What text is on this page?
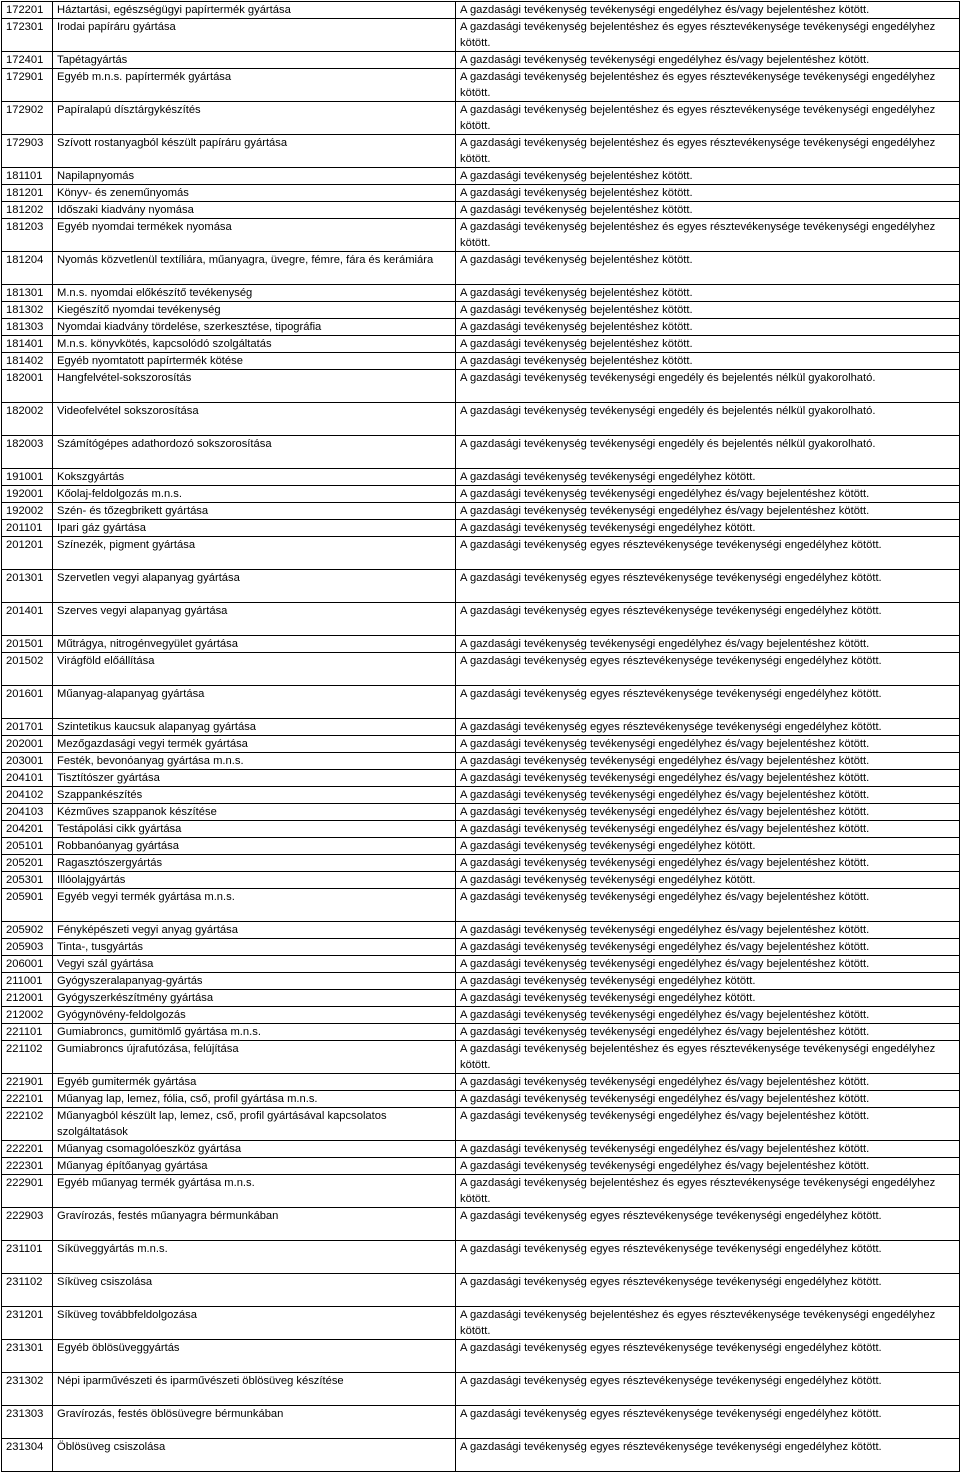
172201	Háztartási, egészségügyi papírtermék gyártása	A gazdasági tevékenység tevékenységi engedélyhez és/vagy bejelentéshez kötött.
172301	Irodai papíráru gyártása	A gazdasági tevékenység bejelentéshez és egyes résztevékenysége tevékenységi engedélyhez kötött.
172401	Tapétagyártás	A gazdasági tevékenység tevékenységi engedélyhez és/vagy bejelentéshez kötött.
172901	Egyéb m.n.s. papírtermék gyártása	A gazdasági tevékenység bejelentéshez és egyes résztevékenysége tevékenységi engedélyhez kötött.
172902	Papíralapú dísztárgykészítés	A gazdasági tevékenység bejelentéshez és egyes résztevékenysége tevékenységi engedélyhez kötött.
172903	Szívott rostanyagból készült papíráru gyártása	A gazdasági tevékenység bejelentéshez és egyes résztevékenysége tevékenységi engedélyhez kötött.
181101	Napilapnyomás	A gazdasági tevékenység bejelentéshez kötött.
181201	Könyv- és zeneműnyomás	A gazdasági tevékenység bejelentéshez kötött.
181202	Időszaki kiadvány nyomása	A gazdasági tevékenység bejelentéshez kötött.
181203	Egyéb nyomdai termékek nyomása	A gazdasági tevékenység bejelentéshez és egyes résztevékenysége tevékenységi engedélyhez kötött.
181204	Nyomás közvetlenül textíliára, műanyagra, üvegre, fémre, fára és kerámiára	A gazdasági tevékenység bejelentéshez kötött.
181301	M.n.s. nyomdai előkészítő tevékenység	A gazdasági tevékenység bejelentéshez kötött.
181302	Kiegészítő nyomdai tevékenység	A gazdasági tevékenység bejelentéshez kötött.
181303	Nyomdai kiadvány tördelése, szerkesztése, tipográfia	A gazdasági tevékenység bejelentéshez kötött.
181401	M.n.s. könyvkötés, kapcsolódó szolgáltatás	A gazdasági tevékenység bejelentéshez kötött.
181402	Egyéb nyomtatott papírtermék kötése	A gazdasági tevékenység bejelentéshez kötött.
182001	Hangfelvétel-sokszorosítás	A gazdasági tevékenység tevékenységi engedély és bejelentés nélkül gyakorolható.
182002	Videofelvétel sokszorosítása	A gazdasági tevékenység tevékenységi engedély és bejelentés nélkül gyakorolható.
182003	Számítógépes adathordozó sokszorosítása	A gazdasági tevékenység tevékenységi engedély és bejelentés nélkül gyakorolható.
191001	Kokszgyártás	A gazdasági tevékenység tevékenységi engedélyhez kötött.
192001	Kőolaj-feldolgozás m.n.s.	A gazdasági tevékenység tevékenységi engedélyhez és/vagy bejelentéshez kötött.
192002	Szén- és tőzegbrikett gyártása	A gazdasági tevékenység tevékenységi engedélyhez és/vagy bejelentéshez kötött.
201101	Ipari gáz gyártása	A gazdasági tevékenység tevékenységi engedélyhez kötött.
201201	Színezék, pigment gyártása	A gazdasági tevékenység egyes résztevékenysége tevékenységi engedélyhez kötött.
201301	Szervetlen vegyi alapanyag gyártása	A gazdasági tevékenység egyes résztevékenysége tevékenységi engedélyhez kötött.
201401	Szerves vegyi alapanyag gyártása	A gazdasági tevékenység egyes résztevékenysége tevékenységi engedélyhez kötött.
201501	Műtrágya, nitrogénvegyület gyártása	A gazdasági tevékenység tevékenységi engedélyhez és/vagy bejelentéshez kötött.
201502	Virágföld előállítása	A gazdasági tevékenység egyes résztevékenysége tevékenységi engedélyhez kötött.
201601	Műanyag-alapanyag gyártása	A gazdasági tevékenység egyes résztevékenysége tevékenységi engedélyhez kötött.
201701	Szintetikus kaucsuk alapanyag gyártása	A gazdasági tevékenység egyes résztevékenysége tevékenységi engedélyhez kötött.
202001	Mezőgazdasági vegyi termék gyártása	A gazdasági tevékenység tevékenységi engedélyhez és/vagy bejelentéshez kötött.
203001	Festék, bevonóanyag gyártása m.n.s.	A gazdasági tevékenység tevékenységi engedélyhez és/vagy bejelentéshez kötött.
204101	Tisztítószer gyártása	A gazdasági tevékenység tevékenységi engedélyhez és/vagy bejelentéshez kötött.
204102	Szappankészítés	A gazdasági tevékenység tevékenységi engedélyhez és/vagy bejelentéshez kötött.
204103	Kézműves szappanok készítése	A gazdasági tevékenység tevékenységi engedélyhez és/vagy bejelentéshez kötött.
204201	Testápolási cikk gyártása	A gazdasági tevékenység tevékenységi engedélyhez és/vagy bejelentéshez kötött.
205101	Robbanóanyag gyártása	A gazdasági tevékenység tevékenységi engedélyhez kötött.
205201	Ragasztószergyártás	A gazdasági tevékenység tevékenységi engedélyhez és/vagy bejelentéshez kötött.
205301	Illóolajgyártás	A gazdasági tevékenység tevékenységi engedélyhez kötött.
205901	Egyéb vegyi termék gyártása m.n.s.	A gazdasági tevékenység tevékenységi engedélyhez és/vagy bejelentéshez kötött.
205902	Fényképészeti vegyi anyag gyártása	A gazdasági tevékenység tevékenységi engedélyhez és/vagy bejelentéshez kötött.
205903	Tinta-, tusgyártás	A gazdasági tevékenység tevékenységi engedélyhez és/vagy bejelentéshez kötött.
206001	Vegyi szál gyártása	A gazdasági tevékenység tevékenységi engedélyhez és/vagy bejelentéshez kötött.
211001	Gyógyszeralapanyag-gyártás	A gazdasági tevékenység tevékenységi engedélyhez kötött.
212001	Gyógyszerkészítmény gyártása	A gazdasági tevékenység tevékenységi engedélyhez kötött.
212002	Gyógynövény-feldolgozás	A gazdasági tevékenység tevékenységi engedélyhez és/vagy bejelentéshez kötött.
221101	Gumiabroncs, gumitömlő gyártása m.n.s.	A gazdasági tevékenység tevékenységi engedélyhez és/vagy bejelentéshez kötött.
221102	Gumiabroncs újrafutózása, felújítása	A gazdasági tevékenység bejelentéshez és egyes résztevékenysége tevékenységi engedélyhez kötött.
221901	Egyéb gumitermék gyártása	A gazdasági tevékenység tevékenységi engedélyhez és/vagy bejelentéshez kötött.
222101	Műanyag lap, lemez, fólia, cső, profil gyártása m.n.s.	A gazdasági tevékenység tevékenységi engedélyhez és/vagy bejelentéshez kötött.
222102	Műanyagból készült lap, lemez, cső, profil gyártásával kapcsolatos szolgáltatások	A gazdasági tevékenység tevékenységi engedélyhez és/vagy bejelentéshez kötött.
222201	Műanyag csomagolóeszköz gyártása	A gazdasági tevékenység tevékenységi engedélyhez és/vagy bejelentéshez kötött.
222301	Műanyag építőanyag gyártása	A gazdasági tevékenység tevékenységi engedélyhez és/vagy bejelentéshez kötött.
222901	Egyéb műanyag termék gyártása m.n.s.	A gazdasági tevékenység bejelentéshez és egyes résztevékenysége tevékenységi engedélyhez kötött.
222903	Gravírozás, festés műanyagra bérmunkában	A gazdasági tevékenység egyes résztevékenysége tevékenységi engedélyhez kötött.
231101	Síküveggyártás m.n.s.	A gazdasági tevékenység egyes résztevékenysége tevékenységi engedélyhez kötött.
231102	Síküveg csiszolása	A gazdasági tevékenység egyes résztevékenysége tevékenységi engedélyhez kötött.
231201	Síküveg továbbfeldolgozása	A gazdasági tevékenység bejelentéshez és egyes résztevékenysége tevékenységi engedélyhez kötött.
231301	Egyéb öblösüveggyártás	A gazdasági tevékenység egyes résztevékenysége tevékenységi engedélyhez kötött.
231302	Népi iparművészeti és iparművészeti öblösüveg készítése	A gazdasági tevékenység egyes résztevékenysége tevékenységi engedélyhez kötött.
231303	Gravírozás, festés öblösüvegre bérmunkában	A gazdasági tevékenység egyes résztevékenysége tevékenységi engedélyhez kötött.
231304	Öblösüveg csiszolása	A gazdasági tevékenység egyes résztevékenysége tevékenységi engedélyhez kötött.
